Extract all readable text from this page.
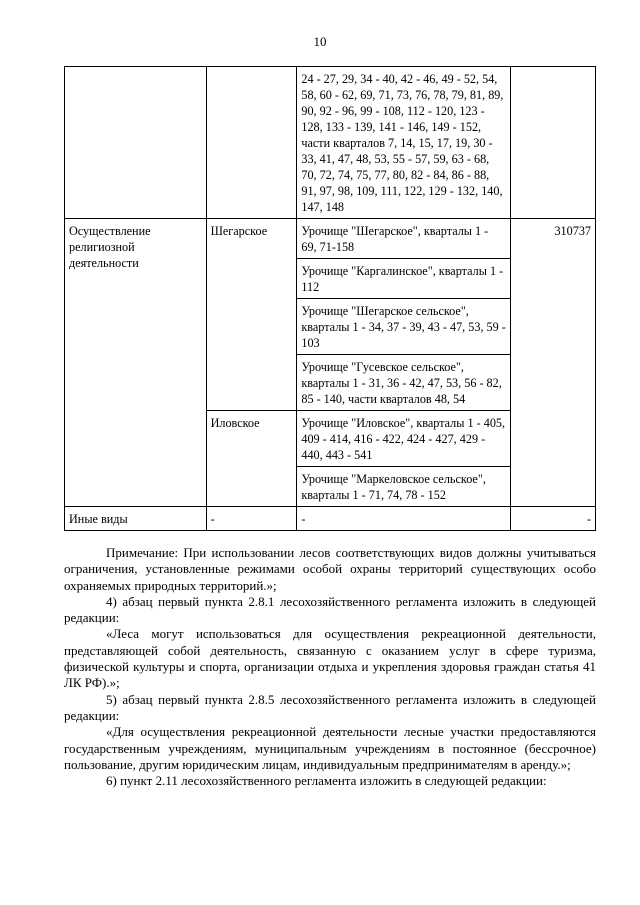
10
		24 - 27, 29, 34 - 40, 42 - 46, 49 - 52, 54, 58, 60 - 62, 69, 71, 73, 76, 78, 79, 81, 89, 90, 92 - 96, 99 - 108, 112 - 120, 123 - 128, 133 - 139, 141 - 146, 149 - 152, части кварталов 7, 14, 15, 17, 19, 30 - 33, 41, 47, 48, 53, 55 - 57, 59, 63 - 68, 70, 72, 74, 75, 77, 80, 82 - 84, 86 - 88, 91, 97, 98, 109, 111, 122, 129 - 132, 140, 147, 148	
Осуществление религиозной деятельности	Шегарское	Урочище "Шегарское", кварталы 1 - 69, 71-158	310737
		Урочище "Каргалинское", кварталы 1 - 112	
		Урочище "Шегарское сельское", кварталы 1 - 34, 37 - 39, 43 - 47, 53, 59 - 103	
		Урочище "Гусевское сельское", кварталы 1 - 31, 36 - 42, 47, 53, 56 - 82, 85 - 140, части кварталов 48, 54	
	Иловское	Урочище "Иловское", кварталы 1 - 405, 409 - 414, 416 - 422, 424 - 427, 429 - 440, 443 - 541	
		Урочище "Маркеловское сельское", кварталы 1 - 71, 74, 78 - 152	
Иные виды	-	-	-

Примечание: При использовании лесов соответствующих видов должны учитываться ограничения, установленные режимами особой охраны территорий существующих особо охраняемых природных территорий.»;

4) абзац первый пункта 2.8.1 лесохозяйственного регламента изложить в следующей редакции:

«Леса могут использоваться для осуществления рекреационной деятельности, представляющей собой деятельность, связанную с оказанием услуг в сфере туризма, физической культуры и спорта, организации отдыха и укрепления здоровья граждан статья 41 ЛК РФ).»;

5) абзац первый пункта 2.8.5 лесохозяйственного регламента изложить в следующей редакции:

«Для осуществления рекреационной деятельности лесные участки предоставляются государственным учреждениям, муниципальным учреждениям в постоянное (бессрочное) пользование, другим юридическим лицам, индивидуальным предпринимателям в аренду.»;

6) пункт 2.11 лесохозяйственного регламента изложить в следующей редакции:
